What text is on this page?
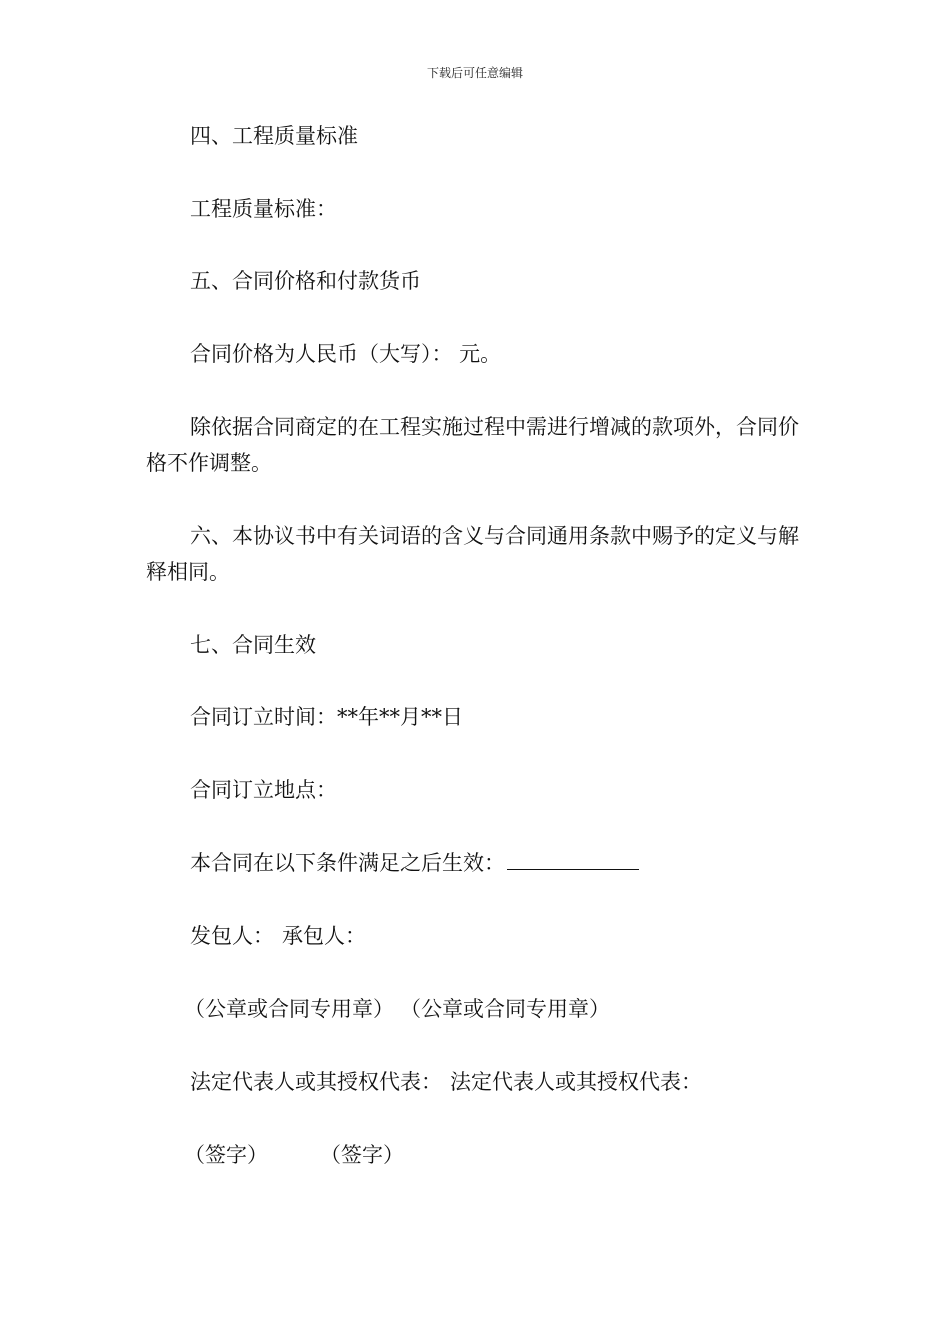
下载后可任意编辑

四、工程质量标准

工程质量标准：

五、合同价格和付款货币

合同价格为人民币（大写）： 元。

除依据合同商定的在工程实施过程中需进行增减的款项外，合同价格不作调整。

六、本协议书中有关词语的含义与合同通用条款中赐予的定义与解释相同。

七、合同生效

合同订立时间：**年**月**日

合同订立地点：

本合同在以下条件满足之后生效：

发包人： 承包人：

（公章或合同专用章） （公章或合同专用章）

法定代表人或其授权代表： 法定代表人或其授权代表：

（签字） （签字）
